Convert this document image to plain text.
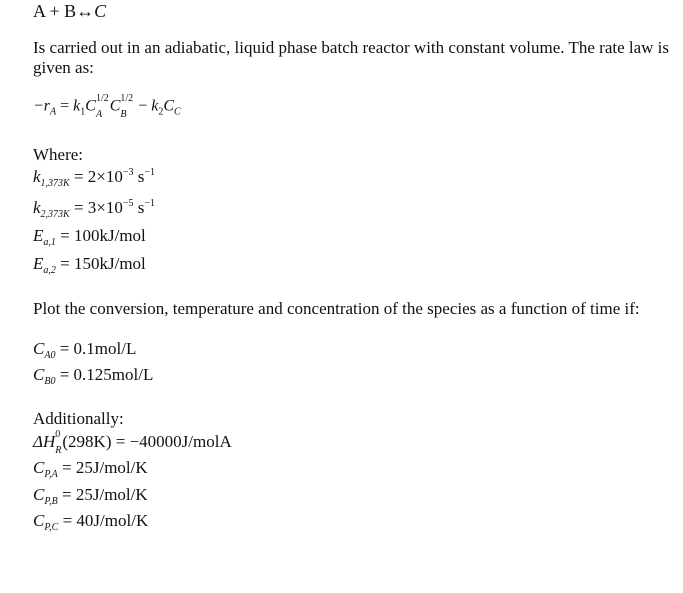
A + B↔C
Is carried out in an adiabatic, liquid phase batch reactor with constant volume. The rate law is
given as:
$-r_A = k_1C$ 1/2
A C 1/2
$B - k_2C_C$
Where:
$k_{1,373K} = 2\times 10^{-3}$ $s^{-1}$
$k_{2,373K} = 3\times 10^{-5}$ $s^{-1}$
$E_{a,1} = 100kJ/mol$
$E_{a,2} = 150kJ/mol$
Plot the conversion, temperature and concentration of the species as a function of time if:
$C_{A0} = 0.1mol/L$
$C_{B0} = 0.125mol/L$
Additionally:
ΔH 0
R (298K) = −40000J/molA
$C_{P,A} = 25J/mol/K$
$C_{P,B} = 25J/mol/K$
$C_{P,C} = 40J/mol/K$
